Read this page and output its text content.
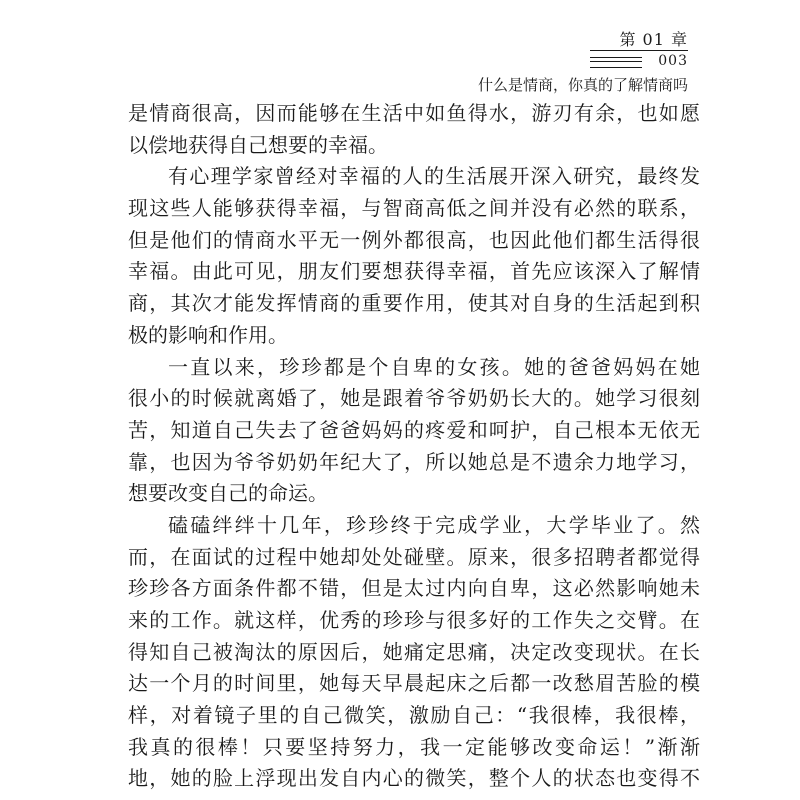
第 01 章
003
什么是情商，你真的了解情商吗
是情商很高，因而能够在生活中如鱼得水，游刃有余，也如愿
以偿地获得自己想要的幸福。
有心理学家曾经对幸福的人的生活展开深入研究，最终发
现这些人能够获得幸福，与智商高低之间并没有必然的联系，
但是他们的情商水平无一例外都很高，也因此他们都生活得很
幸福。由此可见，朋友们要想获得幸福，首先应该深入了解情
商，其次才能发挥情商的重要作用，使其对自身的生活起到积
极的影响和作用。
一直以来，珍珍都是个自卑的女孩。她的爸爸妈妈在她
很小的时候就离婚了，她是跟着爷爷奶奶长大的。她学习很刻
苦，知道自己失去了爸爸妈妈的疼爱和呵护，自己根本无依无
靠，也因为爷爷奶奶年纪大了，所以她总是不遗余力地学习，
想要改变自己的命运。
磕磕绊绊十几年，珍珍终于完成学业，大学毕业了。然
而，在面试的过程中她却处处碰壁。原来，很多招聘者都觉得
珍珍各方面条件都不错，但是太过内向自卑，这必然影响她未
来的工作。就这样，优秀的珍珍与很多好的工作失之交臂。在
得知自己被淘汰的原因后，她痛定思痛，决定改变现状。在长
达一个月的时间里，她每天早晨起床之后都一改愁眉苦脸的模
样，对着镜子里的自己微笑，激励自己：“我很棒，我很棒，
我真的很棒！只要坚持努力，我一定能够改变命运！”渐渐
地，她的脸上浮现出发自内心的微笑，整个人的状态也变得不
